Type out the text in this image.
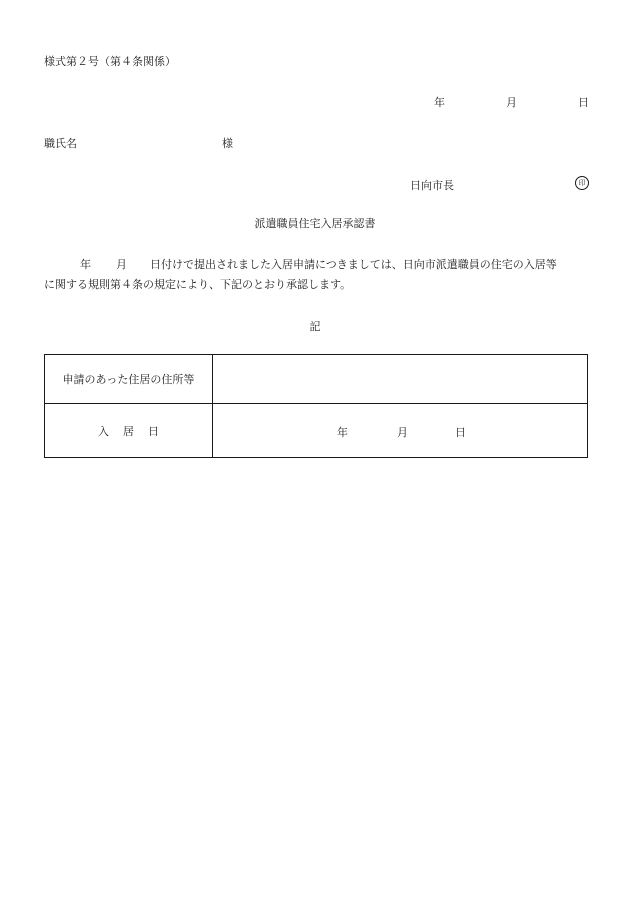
様式第２号（第４条関係）
年	月	日
職氏名	様
日向市長	印
派遣職員住宅入居承認書
年 月 日付けで提出されました入居申請につきましては、日向市派遣職員の住宅の入居等
に関する規則第４条の規定により、下記のとおり承認します。
記
申請のあった住居の住所等	
入 居 日	年 月 日
